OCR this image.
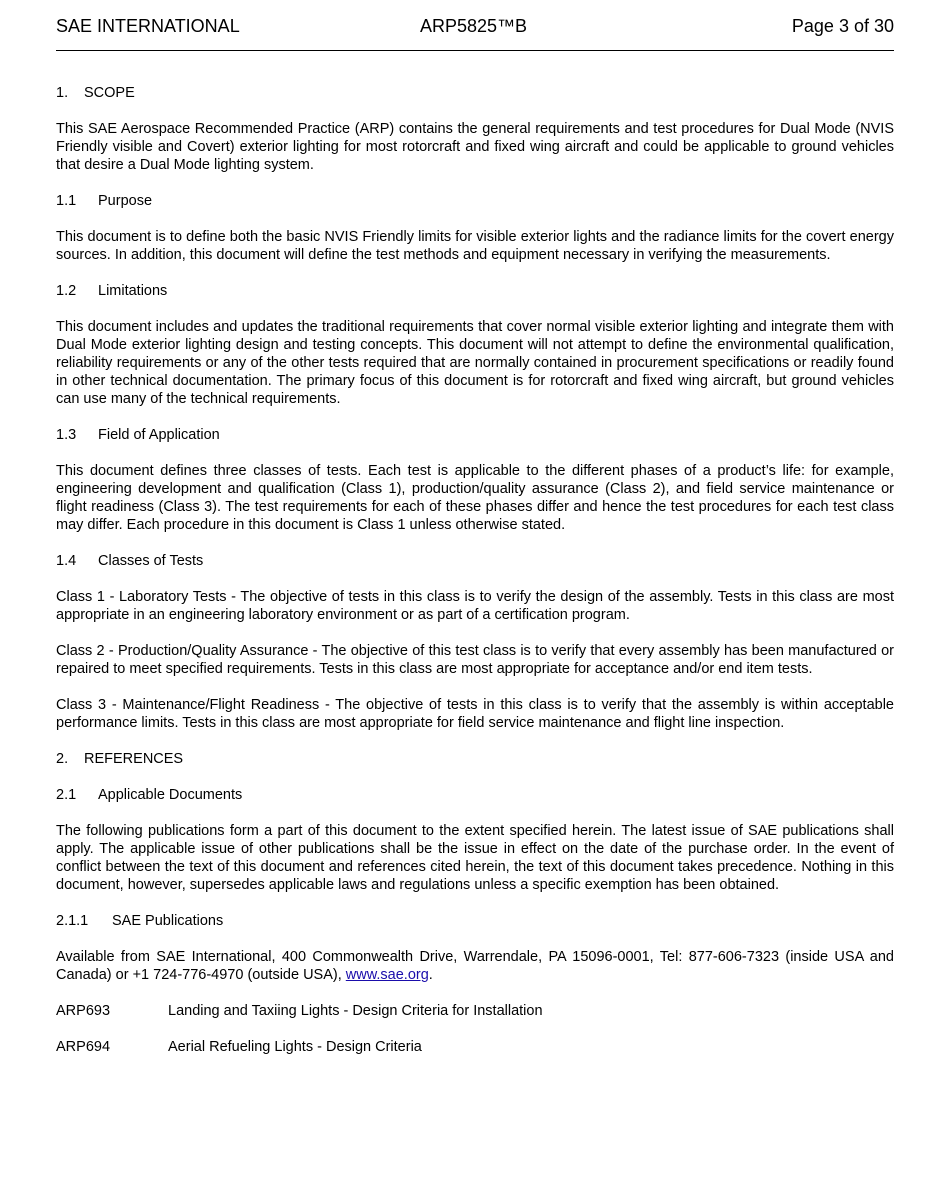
SAE INTERNATIONAL	ARP5825™B	Page 3 of 30
1. SCOPE

This SAE Aerospace Recommended Practice (ARP) contains the general requirements and test procedures for Dual Mode (NVIS Friendly visible and Covert) exterior lighting for most rotorcraft and fixed wing aircraft and could be applicable to ground vehicles that desire a Dual Mode lighting system.

1.1 Purpose

This document is to define both the basic NVIS Friendly limits for visible exterior lights and the radiance limits for the covert energy sources. In addition, this document will define the test methods and equipment necessary in verifying the measurements.

1.2 Limitations

This document includes and updates the traditional requirements that cover normal visible exterior lighting and integrate them with Dual Mode exterior lighting design and testing concepts. This document will not attempt to define the environmental qualification, reliability requirements or any of the other tests required that are normally contained in procurement specifications or readily found in other technical documentation. The primary focus of this document is for rotorcraft and fixed wing aircraft, but ground vehicles can use many of the technical requirements.

1.3 Field of Application

This document defines three classes of tests. Each test is applicable to the different phases of a product’s life: for example, engineering development and qualification (Class 1), production/quality assurance (Class 2), and field service maintenance or flight readiness (Class 3). The test requirements for each of these phases differ and hence the test procedures for each test class may differ. Each procedure in this document is Class 1 unless otherwise stated.

1.4 Classes of Tests

Class 1 - Laboratory Tests - The objective of tests in this class is to verify the design of the assembly. Tests in this class are most appropriate in an engineering laboratory environment or as part of a certification program.

Class 2 - Production/Quality Assurance - The objective of this test class is to verify that every assembly has been manufactured or repaired to meet specified requirements. Tests in this class are most appropriate for acceptance and/or end item tests.

Class 3 - Maintenance/Flight Readiness - The objective of tests in this class is to verify that the assembly is within acceptable performance limits. Tests in this class are most appropriate for field service maintenance and flight line inspection.

2. REFERENCES
2.1 Applicable Documents

The following publications form a part of this document to the extent specified herein. The latest issue of SAE publications shall apply. The applicable issue of other publications shall be the issue in effect on the date of the purchase order. In the event of conflict between the text of this document and references cited herein, the text of this document takes precedence. Nothing in this document, however, supersedes applicable laws and regulations unless a specific exemption has been obtained.

2.1.1 SAE Publications

Available from SAE International, 400 Commonwealth Drive, Warrendale, PA 15096-0001, Tel: 877-606-7323 (inside USA and Canada) or +1 724-776-4970 (outside USA), www.sae.org.

ARP693	Landing and Taxiing Lights - Design Criteria for Installation
ARP694	Aerial Refueling Lights - Design Criteria
